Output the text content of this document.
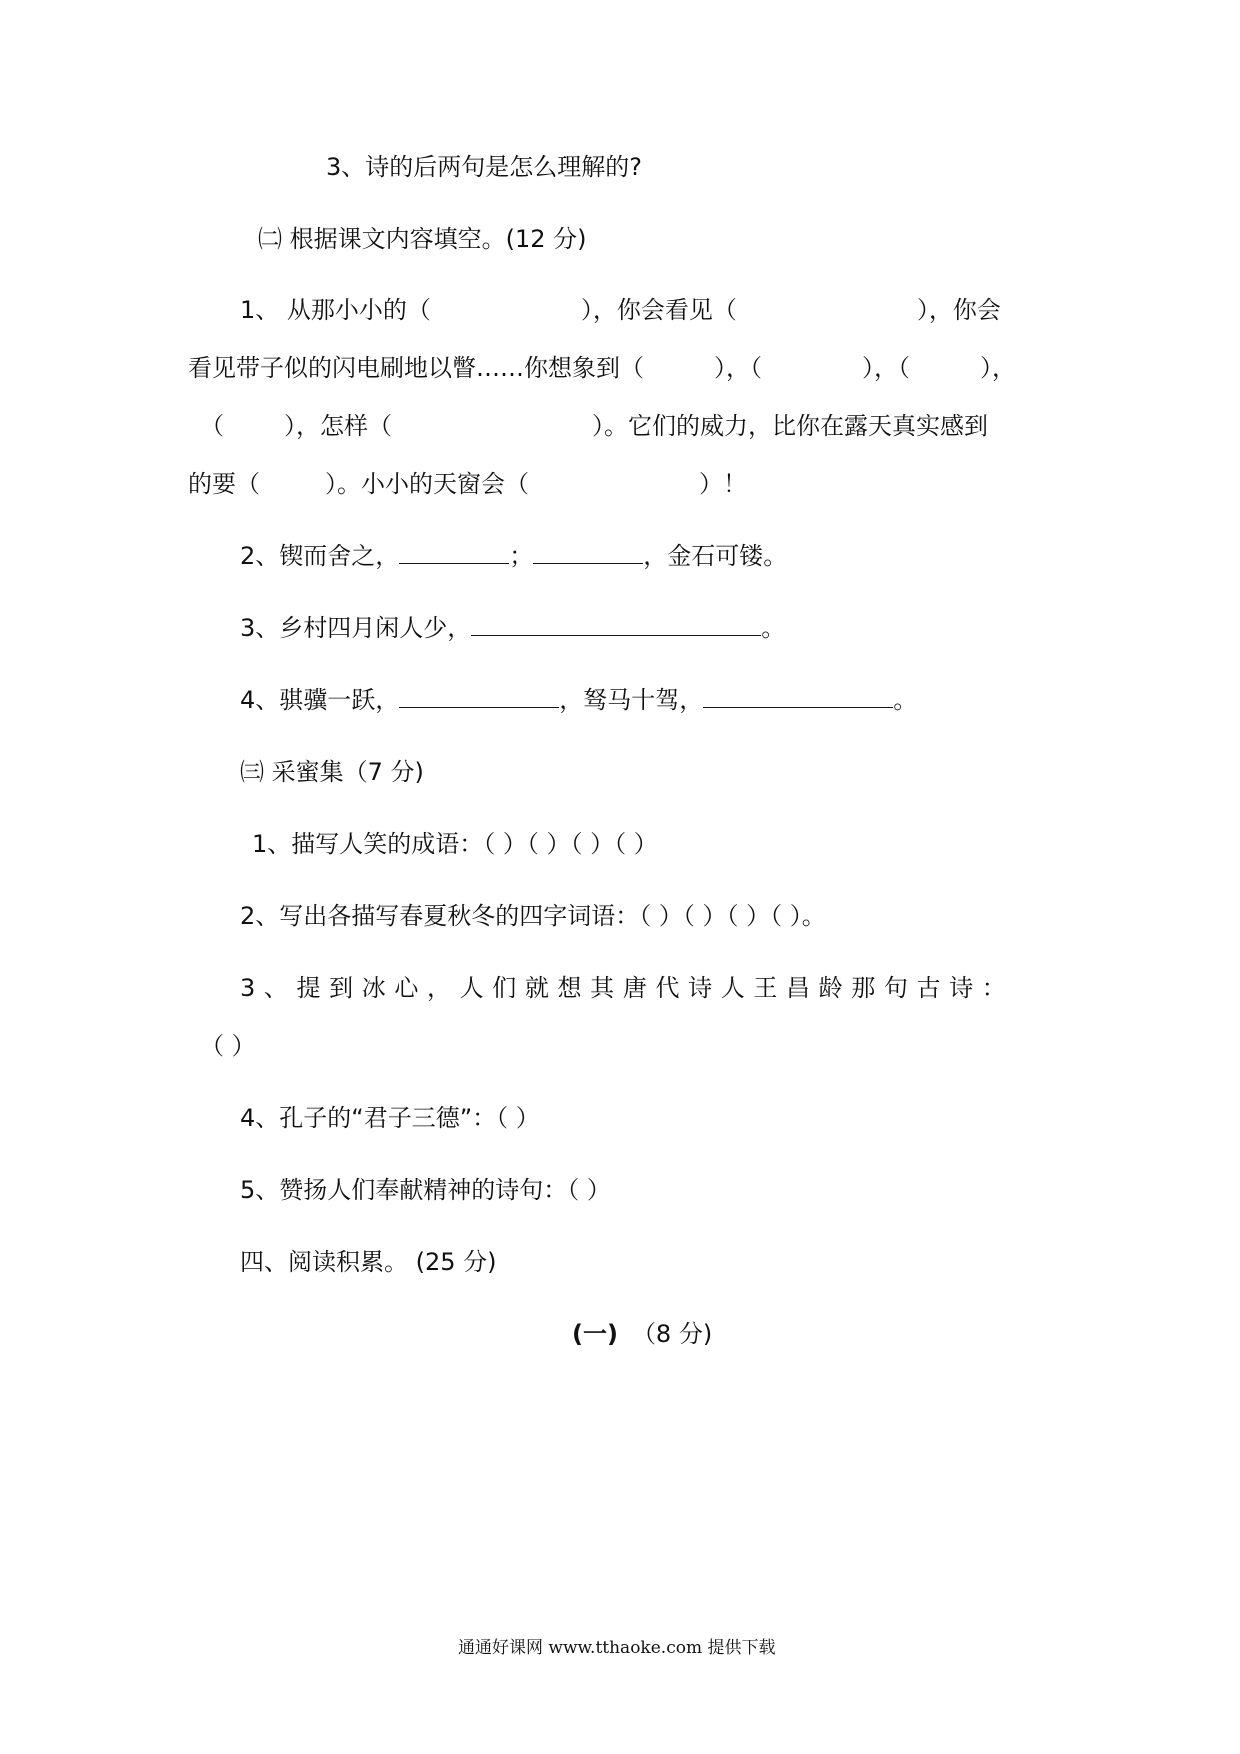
3、诗的后两句是怎么理解的?
㈡ 根据课文内容填空。(12 分)
1、 从那小小的（	），你会看见（	），你会
看见带子似的闪电刷地以瞥……你想象到（	），（	），（	），
（	），怎样（	）。它们的威力，比你在露天真实感到
的要（	）。小小的天窗会（	）！
2、锲而舍之，	；	，金石可镂。
3、乡村四月闲人少，	。
4、骐骥一跃，	，驽马十驾，	。
㈢ 采蜜集（7 分)
1、描写人笑的成语：（ ）（ ）（ ）（ ）
2、写出各描写春夏秋冬的四字词语：（ ）（ ）（ ）（ ）。
3 、 提 到 冰 心 ， 人 们 就 想 其 唐 代 诗 人 王 昌 龄 那 句 古 诗 ：
（ ）
4、孔子的“君子三德”：（ ）
5、赞扬人们奉献精神的诗句：（ ）
四、阅读积累。 (25 分)
(一) （8 分)
通通好课网 www.tthaoke.com 提供下载
